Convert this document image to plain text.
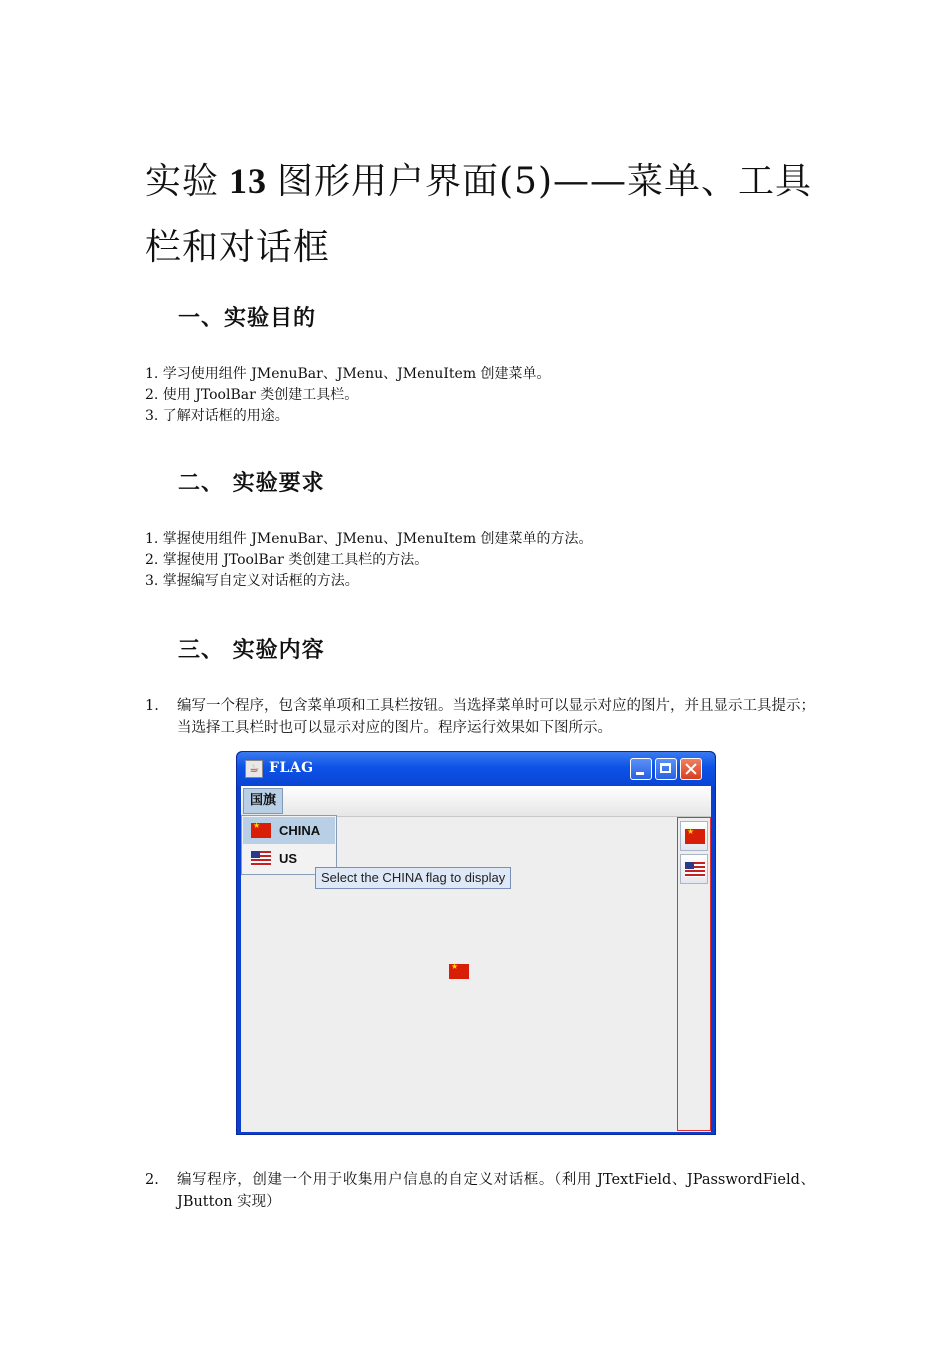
实验 13 图形用户界面(5)——菜单、工具栏和对话框
一、实验目的
1. 学习使用组件 JMenuBar、JMenu、JMenuItem 创建菜单。
2. 使用 JToolBar 类创建工具栏。
3. 了解对话框的用途。
二、 实验要求
1. 掌握使用组件 JMenuBar、JMenu、JMenuItem 创建菜单的方法。
2. 掌握使用 JToolBar 类创建工具栏的方法。
3. 掌握编写自定义对话框的方法。
三、 实验内容
1. 编写一个程序，包含菜单项和工具栏按钮。当选择菜单时可以显示对应的图片，并且显示工具提示；当选择工具栏时也可以显示对应的图片。程序运行效果如下图所示。
☕ FLAG
国旗
★
CHINA
US
Select the CHINA flag to display
★
★
2. 编写程序，创建一个用于收集用户信息的自定义对话框。（利用 JTextField、JPasswordField、JButton 实现）
